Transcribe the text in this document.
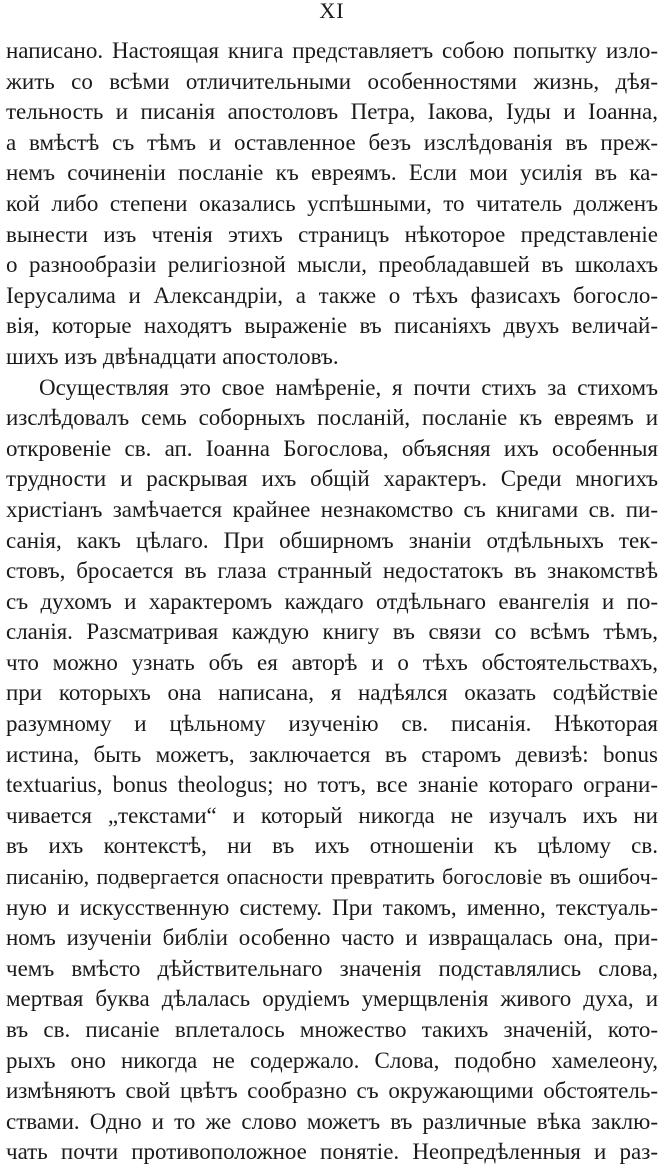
XI
написано. Настоящая книга представляетъ собою попытку изло-
жить со всѣми отличительными особенностями жизнь, дѣя-
тельность и писанія апостоловъ Петра, Іакова, Іуды и Іоанна,
а вмѣстѣ съ тѣмъ и оставленное безъ изслѣдованія въ преж-
немъ сочиненіи посланіе къ евреямъ. Если мои усилія въ ка-
кой либо степени оказались успѣшными, то читатель долженъ
вынести изъ чтенія этихъ страницъ нѣкоторое представленіе
о разнообразіи религіозной мысли, преобладавшей въ школахъ
Іерусалима и Александріи, а также о тѣхъ фазисахъ богосло-
вія, которые находятъ выраженіе въ писаніяхъ двухъ величай-
шихъ изъ двѣнадцати апостоловъ.
Осуществляя это свое намѣреніе, я почти стихъ за стихомъ
изслѣдовалъ семь соборныхъ посланій, посланіе къ евреямъ и
откровеніе св. ап. Іоанна Богослова, объясняя ихъ особенныя
трудности и раскрывая ихъ общій характеръ. Среди многихъ
христіанъ замѣчается крайнее незнакомство съ книгами св. пи-
санія, какъ цѣлаго. При обширномъ знаніи отдѣльныхъ тек-
стовъ, бросается въ глаза странный недостатокъ въ знакомствѣ
съ духомъ и характеромъ каждаго отдѣльнаго евангелія и по-
сланія. Разсматривая каждую книгу въ связи со всѣмъ тѣмъ,
что можно узнать объ ея авторѣ и о тѣхъ обстоятельствахъ,
при которыхъ она написана, я надѣялся оказать содѣйствіе
разумному и цѣльному изученію св. писанія. Нѣкоторая
истина, быть можетъ, заключается въ старомъ девизѣ: bonus
textuarius, bonus theologus; но тотъ, все знаніе котораго ограни-
чивается „текстами“ и который никогда не изучалъ ихъ ни
въ ихъ контекстѣ, ни въ ихъ отношеніи къ цѣлому св.
писанію, подвергается опасности превратить богословіе въ ошибоч-
ную и искусственную систему. При такомъ, именно, текстуаль-
номъ изученіи библіи особенно часто и извращалась она, при-
чемъ вмѣсто дѣйствительнаго значенія подставлялись слова,
мертвая буква дѣлалась орудіемъ умерщвленія живого духа, и
въ св. писаніе вплеталось множество такихъ значеній, кото-
рыхъ оно никогда не содержало. Слова, подобно хамелеону,
измѣняютъ свой цвѣтъ сообразно съ окружающими обстоятель-
ствами. Одно и то же слово можетъ въ различные вѣка заклю-
чать почти противоположное понятіе. Неопредѣленныя и раз-
